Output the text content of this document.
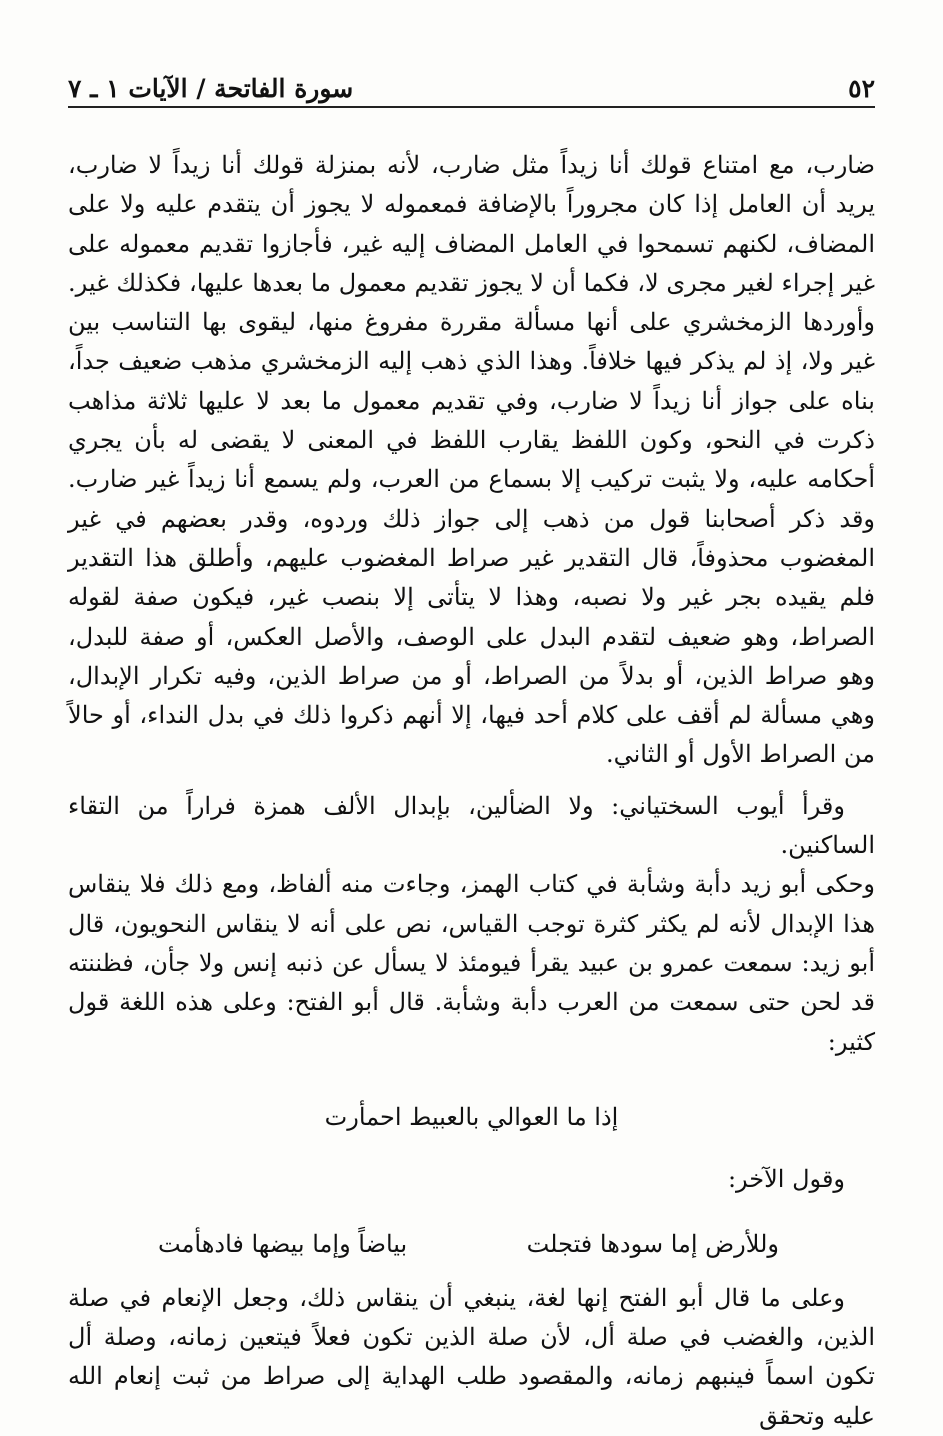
٥٢
سورة الفاتحة / الآيات ١ ـ ٧

ضارب، مع امتناع قولك أنا زيداً مثل ضارب، لأنه بمنزلة قولك أنا زيداً لا ضارب، يريد أن العامل إذا كان مجروراً بالإضافة فمعموله لا يجوز أن يتقدم عليه ولا على المضاف، لكنهم تسمحوا في العامل المضاف إليه غير، فأجازوا تقديم معموله على غير إجراء لغير مجرى لا، فكما أن لا يجوز تقديم معمول ما بعدها عليها، فكذلك غير. وأوردها الزمخشري على أنها مسألة مقررة مفروغ منها، ليقوى بها التناسب بين غير ولا، إذ لم يذكر فيها خلافاً. وهذا الذي ذهب إليه الزمخشري مذهب ضعيف جداً، بناه على جواز أنا زيداً لا ضارب، وفي تقديم معمول ما بعد لا عليها ثلاثة مذاهب ذكرت في النحو، وكون اللفظ يقارب اللفظ في المعنى لا يقضى له بأن يجري أحكامه عليه، ولا يثبت تركيب إلا بسماع من العرب، ولم يسمع أنا زيداً غير ضارب. وقد ذكر أصحابنا قول من ذهب إلى جواز ذلك وردوه، وقدر بعضهم في غير المغضوب محذوفاً، قال التقدير غير صراط المغضوب عليهم، وأطلق هذا التقدير فلم يقيده بجر غير ولا نصبه، وهذا لا يتأتى إلا بنصب غير، فيكون صفة لقوله الصراط، وهو ضعيف لتقدم البدل على الوصف، والأصل العكس، أو صفة للبدل، وهو صراط الذين، أو بدلاً من الصراط، أو من صراط الذين، وفيه تكرار الإبدال، وهي مسألة لم أقف على كلام أحد فيها، إلا أنهم ذكروا ذلك في بدل النداء، أو حالاً من الصراط الأول أو الثاني.

وقرأ أيوب السختياني: ولا الضألين، بإبدال الألف همزة فراراً من التقاء الساكنين.

وحكى أبو زيد دأبة وشأبة في كتاب الهمز، وجاءت منه ألفاظ، ومع ذلك فلا ينقاس هذا الإبدال لأنه لم يكثر كثرة توجب القياس، نص على أنه لا ينقاس النحويون، قال أبو زيد: سمعت عمرو بن عبيد يقرأ فيومئذ لا يسأل عن ذنبه إنس ولا جأن، فظننته قد لحن حتى سمعت من العرب دأبة وشأبة. قال أبو الفتح: وعلى هذه اللغة قول كثير:

إذا ما العوالي بالعبيط احمأرت

وقول الآخر:

وللأرض إما سودها فتجلت
بياضاً وإما بيضها فادهأمت

وعلى ما قال أبو الفتح إنها لغة، ينبغي أن ينقاس ذلك، وجعل الإنعام في صلة الذين، والغضب في صلة أل، لأن صلة الذين تكون فعلاً فيتعين زمانه، وصلة أل تكون اسماً فينبهم زمانه، والمقصود طلب الهداية إلى صراط من ثبت إنعام الله عليه وتحقق
